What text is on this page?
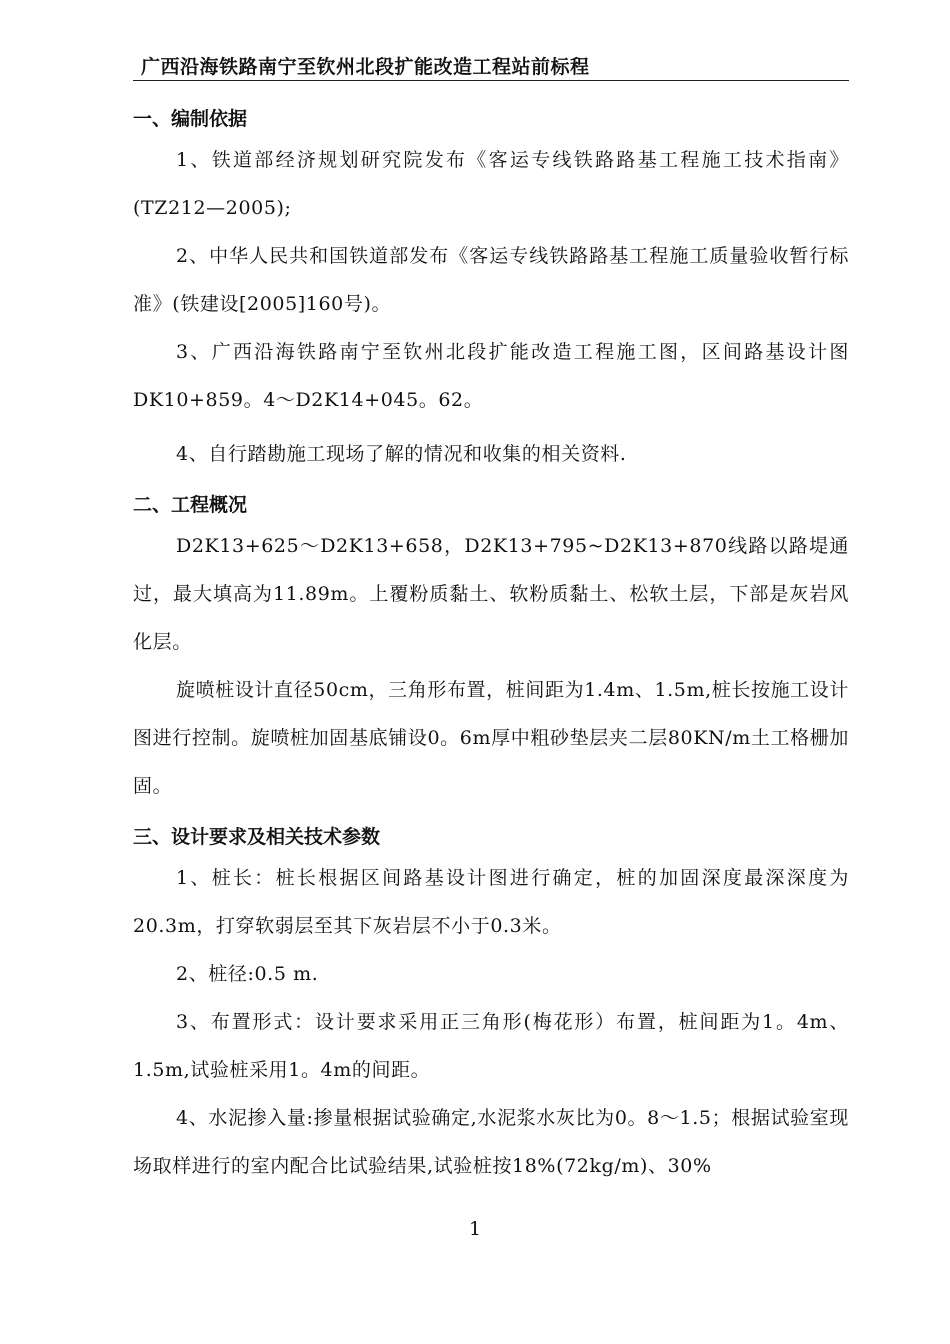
广西沿海铁路南宁至钦州北段扩能改造工程站前标程
一、编制依据

1、铁道部经济规划研究院发布《客运专线铁路路基工程施工技术指南》(TZ212—2005);

2、中华人民共和国铁道部发布《客运专线铁路路基工程施工质量验收暂行标准》(铁建设[2005]160号)。

3、广西沿海铁路南宁至钦州北段扩能改造工程施工图，区间路基设计图DK10+859。4～D2K14+045。62。

4、自行踏勘施工现场了解的情况和收集的相关资料.

二、工程概况

D2K13+625～D2K13+658，D2K13+795~D2K13+870线路以路堤通过，最大填高为11.89m。上覆粉质黏土、软粉质黏土、松软土层，下部是灰岩风化层。

旋喷桩设计直径50cm，三角形布置，桩间距为1.4m、1.5m,桩长按施工设计图进行控制。旋喷桩加固基底铺设0。6m厚中粗砂垫层夹二层80KN/m土工格栅加固。

三、设计要求及相关技术参数

1、桩长：桩长根据区间路基设计图进行确定，桩的加固深度最深深度为20.3m，打穿软弱层至其下灰岩层不小于0.3米。

2、桩径:0.5 m.

3、布置形式：设计要求采用正三角形(梅花形）布置，桩间距为1。4m、1.5m,试验桩采用1。4m的间距。

4、水泥掺入量:掺量根据试验确定,水泥浆水灰比为0。8～1.5；根据试验室现场取样进行的室内配合比试验结果,试验桩按18%(72kg/m)、30%

1
